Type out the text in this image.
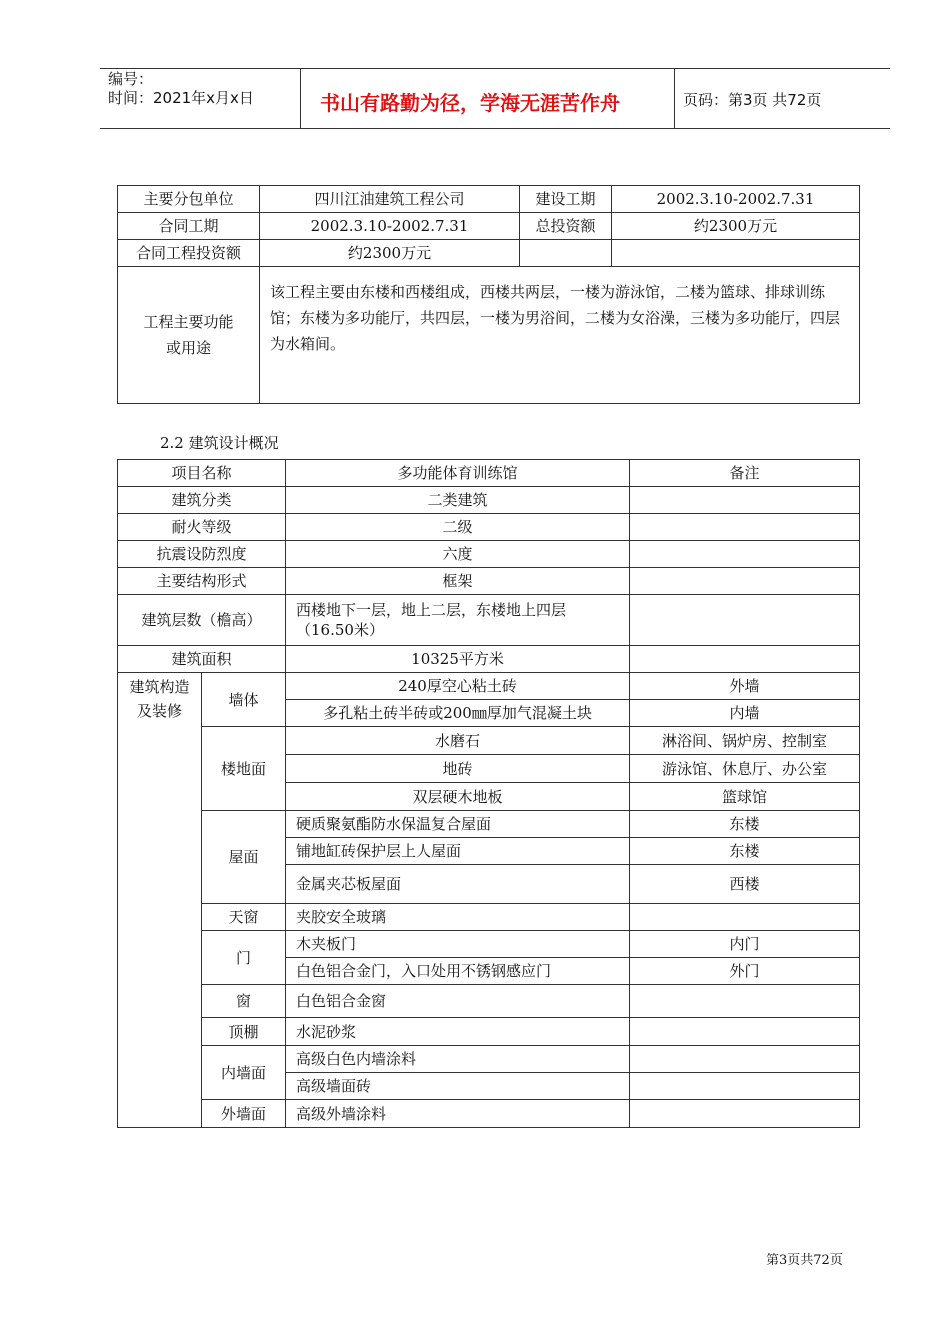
编号：
时间：2021年x月x日	书山有路勤为径，学海无涯苦作舟	页码：第3页 共72页
主要分包单位	四川江油建筑工程公司	建设工期	2002.3.10-2002.7.31
合同工期	2002.3.10-2002.7.31	总投资额	约2300万元
合同工程投资额	约2300万元		
工程主要功能
或用途	该工程主要由东楼和西楼组成，西楼共两层，一楼为游泳馆，二楼为篮球、排球训练馆；东楼为多功能厅，共四层，一楼为男浴间，二楼为女浴澡，三楼为多功能厅，四层为水箱间。		
2.2 建筑设计概况
项目名称		多功能体育训练馆	备注
建筑分类		二类建筑	
耐火等级		二级	
抗震设防烈度		六度	
主要结构形式		框架	
建筑层数（檐高）		西楼地下一层，地上二层，东楼地上四层（16.50米）	
建筑面积		10325平方米	
建筑构造及装修	墙体	240厚空心粘土砖	外墙
		多孔粘土砖半砖或200㎜厚加气混凝土块	内墙
	楼地面	水磨石	淋浴间、锅炉房、控制室
		地砖	游泳馆、休息厅、办公室
		双层硬木地板	篮球馆
	屋面	硬质聚氨酯防水保温复合屋面	东楼
		铺地缸砖保护层上人屋面	东楼
		金属夹芯板屋面	西楼
	天窗	夹胶安全玻璃	
	门	木夹板门	内门
		白色铝合金门，入口处用不锈钢感应门	外门
	窗	白色铝合金窗	
	顶棚	水泥砂浆	
	内墙面	高级白色内墙涂料	
		高级墙面砖	
	外墙面	高级外墙涂料	
第3页共72页
